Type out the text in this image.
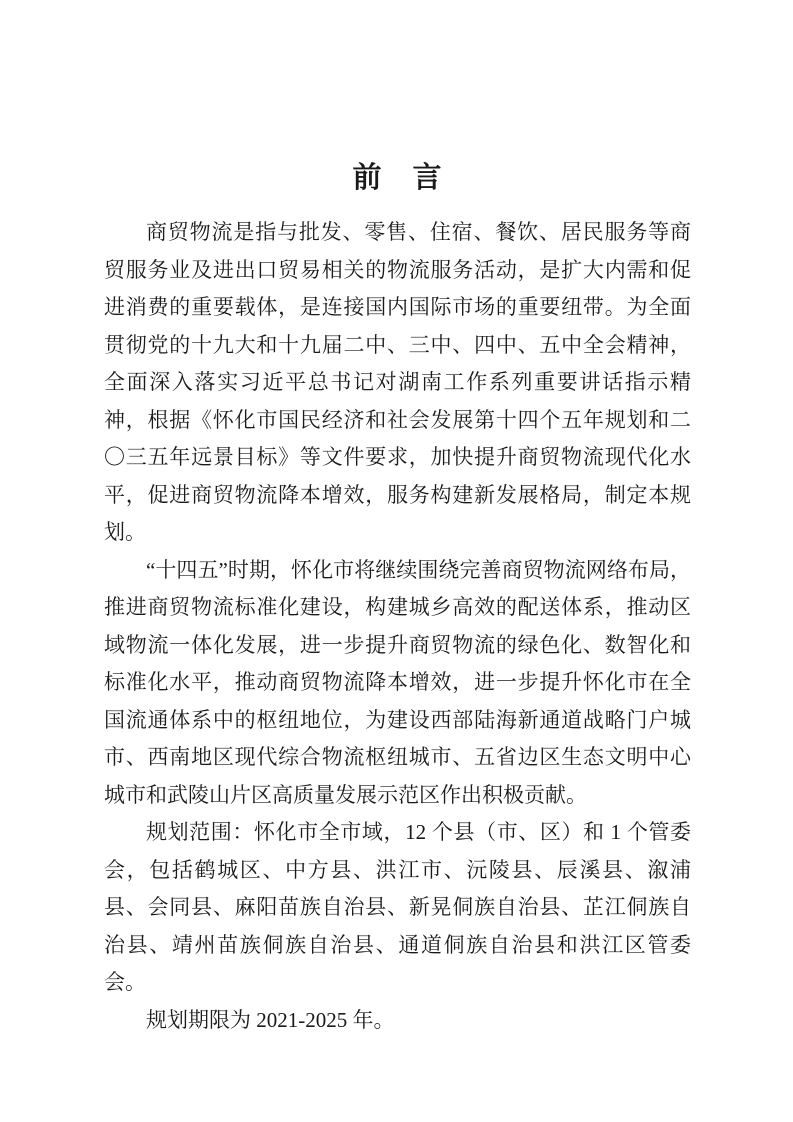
前　言

商贸物流是指与批发、零售、住宿、餐饮、居民服务等商贸服务业及进出口贸易相关的物流服务活动，是扩大内需和促进消费的重要载体，是连接国内国际市场的重要纽带。为全面贯彻党的十九大和十九届二中、三中、四中、五中全会精神，全面深入落实习近平总书记对湖南工作系列重要讲话指示精神，根据《怀化市国民经济和社会发展第十四个五年规划和二〇三五年远景目标》等文件要求，加快提升商贸物流现代化水平，促进商贸物流降本增效，服务构建新发展格局，制定本规划。

“十四五”时期，怀化市将继续围绕完善商贸物流网络布局，推进商贸物流标准化建设，构建城乡高效的配送体系，推动区域物流一体化发展，进一步提升商贸物流的绿色化、数智化和标准化水平，推动商贸物流降本增效，进一步提升怀化市在全国流通体系中的枢纽地位，为建设西部陆海新通道战略门户城市、西南地区现代综合物流枢纽城市、五省边区生态文明中心城市和武陵山片区高质量发展示范区作出积极贡献。

规划范围：怀化市全市域，12 个县（市、区）和 1 个管委会，包括鹤城区、中方县、洪江市、沅陵县、辰溪县、溆浦县、会同县、麻阳苗族自治县、新晃侗族自治县、芷江侗族自治县、靖州苗族侗族自治县、通道侗族自治县和洪江区管委会。

规划期限为 2021-2025 年。
